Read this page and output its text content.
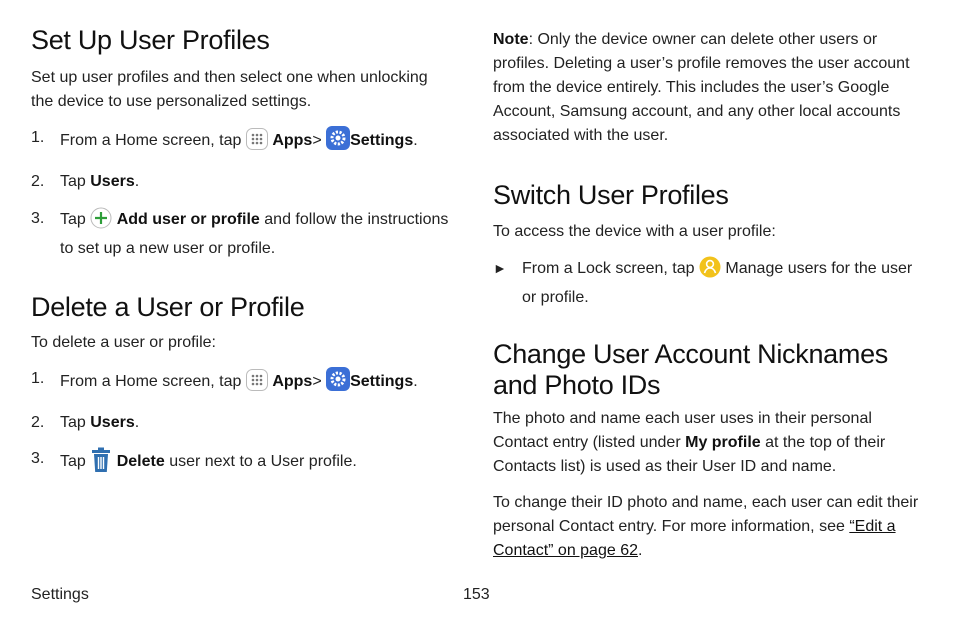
Set Up User Profiles

Set up user profiles and then select one when unlocking the device to use personalized settings.

1. From a Home screen, tap Apps> Settings.
2. Tap Users.
3. Tap Add user or profile and follow the instructions to set up a new user or profile.
Delete a User or Profile

To delete a user or profile:

1. From a Home screen, tap Apps> Settings.
2. Tap Users.
3. Tap Delete user next to a User profile.

Note: Only the device owner can delete other users or profiles. Deleting a user’s profile removes the user account from the device entirely. This includes the user’s Google Account, Samsung account, and any other local accounts associated with the user.

Switch User Profiles

To access the device with a user profile:

► From a Lock screen, tap Manage users for the user or profile.
Change User Account Nicknames and Photo IDs

The photo and name each user uses in their personal Contact entry (listed under My profile at the top of their Contacts list) is used as their User ID and name.

To change their ID photo and name, each user can edit their personal Contact entry. For more information, see “Edit a Contact” on page 62.

Settings	153
